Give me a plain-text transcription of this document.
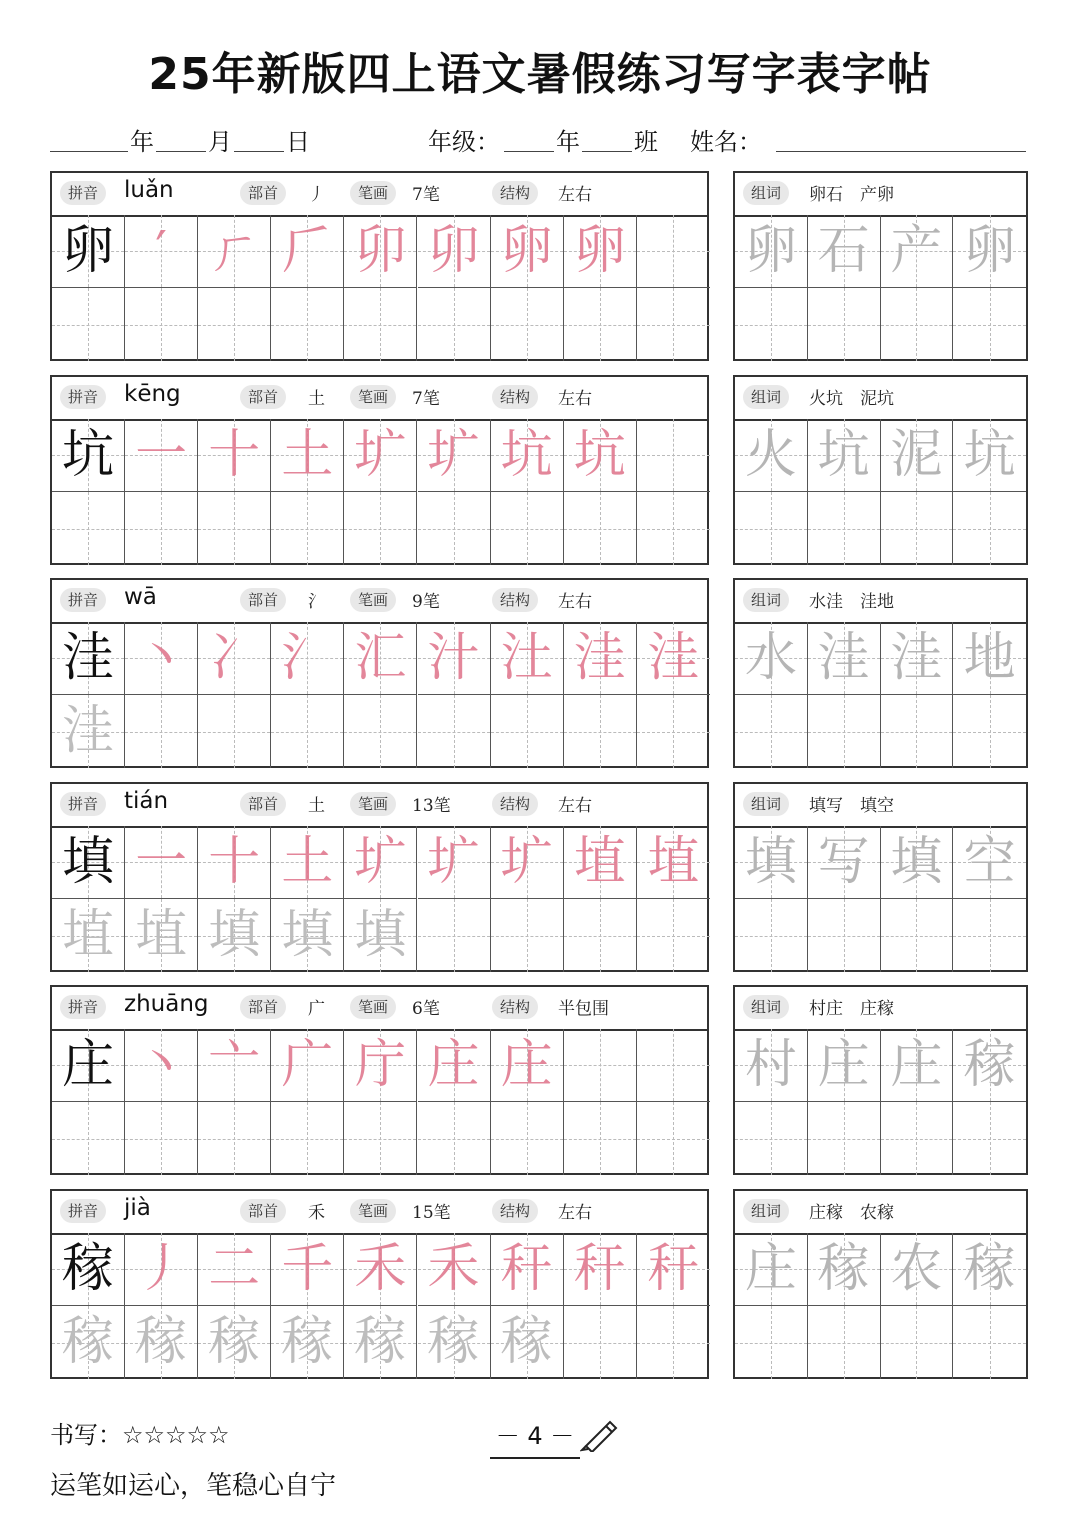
25年新版四上语文暑假练习写字表字帖
年 月 日	年级： 年 班 姓名：
拼音	luǎn	部首	丿	笔画	7笔	结构	左右
卵 ′ ㄏ 𠂆 卯 卯 卵 卵
组词	卵石　产卵
卵 石 产 卵
拼音	kēng	部首	土	笔画	7笔	结构	左右
坑 一 十 土 圹 圹 坑 坑
组词	火坑　泥坑
火 坑 泥 坑
拼音	wā	部首	氵	笔画	9笔	结构	左右
洼 丶 冫 氵 汇 汁 汢 洼 洼
洼
组词	水洼　洼地
水 洼 洼 地
拼音	tián	部首	土	笔画	13笔	结构	左右
填 一 十 土 圹 圹 圹 埴 埴
埴 埴 填 填 填
组词	填写　填空
填 写 填 空
拼音	zhuāng	部首	广	笔画	6笔	结构	半包围
庄 丶 亠 广 庁 庄 庄
组词	村庄　庄稼
村 庄 庄 稼
拼音	jià	部首	禾	笔画	15笔	结构	左右
稼 丿 二 千 禾 禾 秆 秆 秆
稼 稼 稼 稼 稼 稼 稼
组词	庄稼　农稼
庄 稼 农 稼
书写：☆☆☆☆☆	－ 4 －
运笔如运心，笔稳心自宁
